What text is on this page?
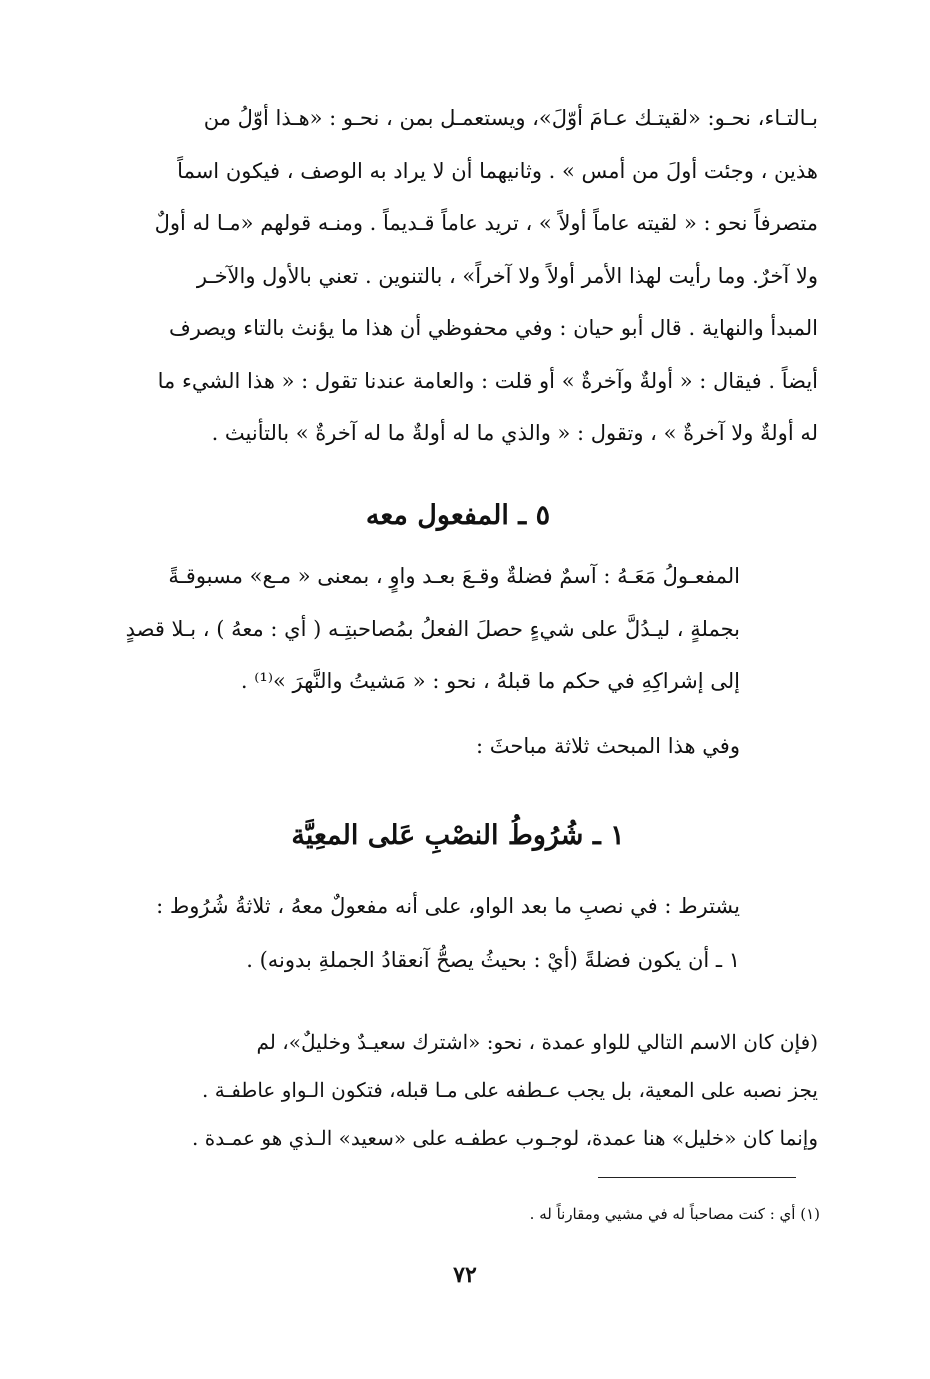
بـالتـاء، نحـو: «لقيتـك عـامَ أوّلَ»، ويستعمـل بمن ، نحـو : «هـذا أوّلُ من

هذين ، وجئت أولَ من أمس » . وثانيهما أن لا يراد به الوصف ، فيكون اسماً

متصرفاً نحو : « لقيته عاماً أولاً » ، تريد عاماً قـديماً . ومنـه قولهم «مـا له أولٌ

ولا آخرٌ. وما رأيت لهذا الأمر أولاً ولا آخراً» ، بالتنوين . تعني بالأول والآخـر

المبدأ والنهاية . قال أبو حيان : وفي محفوظي أن هذا ما يؤنث بالتاء ويصرف

أيضاً . فيقال : « أولةٌ وآخرةٌ » أو قلت : والعامة عندنا تقول : « هذا الشيء ما

له أولةٌ ولا آخرةٌ » ، وتقول : « والذي ما له أولةٌ ما له آخرةٌ » بالتأنيث .

٥ ـ المفعول معه

المفعـولُ مَعَـهُ : آسمٌ فضلةٌ وقـعَ بعـد واوٍ ، بمعنى « مـع» مسبوقـةً

بجملةٍ ، ليـدُلَّ على شيءٍ حصلَ الفعلُ بمُصاحبتِـه ( أي : معهُ ) ، بـلا قصدٍ

إلى إشراكِهِ في حكم ما قبلهُ ، نحو : « مَشيتُ والنَّهرَ »⁽¹⁾ .

وفي هذا المبحث ثلاثة مباحثَ :

١ ـ شُرُوطُ النصْبِ عَلى المعِيَّة

يشترط : في نصبِ ما بعد الواو، على أنه مفعولٌ معهُ ، ثلاثةُ شُرُوط :

١ ـ أن يكون فضلةً (أيْ : بحيثُ يصحُّ آنعقادُ الجملةِ بدونه) .

(فإن كان الاسم التالي للواو عمدة ، نحو: «اشترك سعيـدٌ وخليلٌ»، لم

يجز نصبه على المعية، بل يجب عـطفه على مـا قبله، فتكون الـواو عاطفـة .

وإنما كان «خليل» هنا عمدة، لوجـوب عطفـه على «سعيد» الـذي هو عمـدة .

(١) أي : كنت مصاحباً له في مشيي ومقارناً له .
٧٢
